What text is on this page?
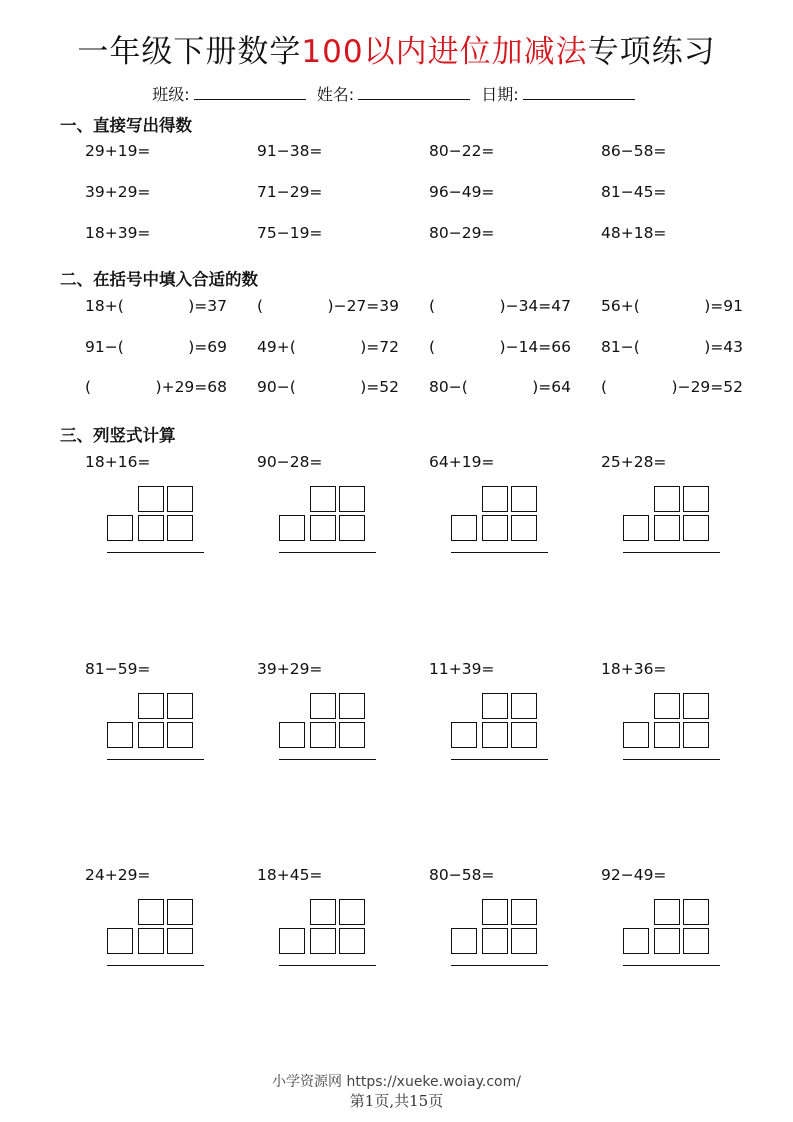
一年级下册数学100以内进位加减法专项练习
班级:	姓名:	日期:
一、直接写出得数
二、在括号中填入合适的数
三、列竖式计算
29+19=	91−38=	80−22=	86−58=
39+29=	71−29=	96−49=	81−45=
18+39=	75−19=	80−29=	48+18=
18+(	)=37 (	)−27=39 (	)−34=47 56+(	)=91
91−(	)=69 49+(	)=72 (	)−14=66 81−(	)=43
(	)+29=68 90−(	)=52 80−(	)=64 (	)−29=52
18+16=	90−28=	64+19=	25+28=
81−59=	39+29=	11+39=	18+36=
24+29=	18+45=	80−58=	92−49=
小学资源网 https://xueke.woiay.com/
第1页,共15页
